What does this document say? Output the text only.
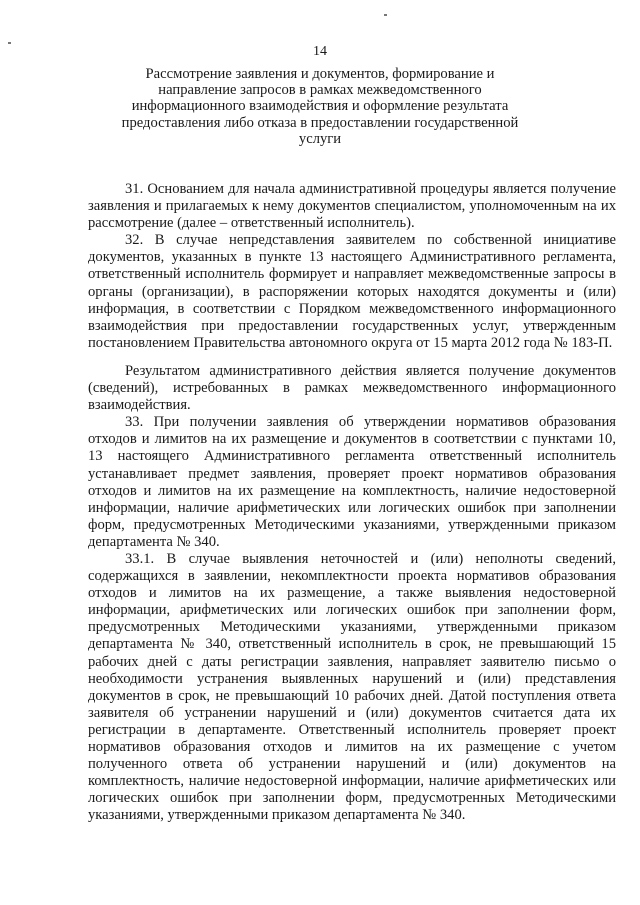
14
Рассмотрение заявления и документов, формирование и направление запросов в рамках межведомственного информационного взаимодействия и оформление результата предоставления либо отказа в предоставлении государственной услуги

31. Основанием для начала административной процедуры является получение заявления и прилагаемых к нему документов специалистом, уполномоченным на их рассмотрение (далее – ответственный исполнитель).

32. В случае непредставления заявителем по собственной инициативе документов, указанных в пункте 13 настоящего Административного регламента, ответственный исполнитель формирует и направляет межведомственные запросы в органы (организации), в распоряжении которых находятся документы и (или) информация, в соответствии с Порядком межведомственного информационного взаимодействия при предоставлении государственных услуг, утвержденным постановлением Правительства автономного округа от 15 марта 2012 года № 183-П.

Результатом административного действия является получение документов (сведений), истребованных в рамках межведомственного информационного взаимодействия.

33. При получении заявления об утверждении нормативов образования отходов и лимитов на их размещение и документов в соответствии с пунктами 10, 13 настоящего Административного регламента ответственный исполнитель устанавливает предмет заявления, проверяет проект нормативов образования отходов и лимитов на их размещение на комплектность, наличие недостоверной информации, наличие арифметических или логических ошибок при заполнении форм, предусмотренных Методическими указаниями, утвержденными приказом департамента № 340.

33.1. В случае выявления неточностей и (или) неполноты сведений, содержащихся в заявлении, некомплектности проекта нормативов образования отходов и лимитов на их размещение, а также выявления недостоверной информации, арифметических или логических ошибок при заполнении форм, предусмотренных Методическими указаниями, утвержденными приказом департамента № 340, ответственный исполнитель в срок, не превышающий 15 рабочих дней с даты регистрации заявления, направляет заявителю письмо о необходимости устранения выявленных нарушений и (или) представления документов в срок, не превышающий 10 рабочих дней. Датой поступления ответа заявителя об устранении нарушений и (или) документов считается дата их регистрации в департаменте. Ответственный исполнитель проверяет проект нормативов образования отходов и лимитов на их размещение с учетом полученного ответа об устранении нарушений и (или) документов на комплектность, наличие недостоверной информации, наличие арифметических или логических ошибок при заполнении форм, предусмотренных Методическими указаниями, утвержденными приказом департамента № 340.
